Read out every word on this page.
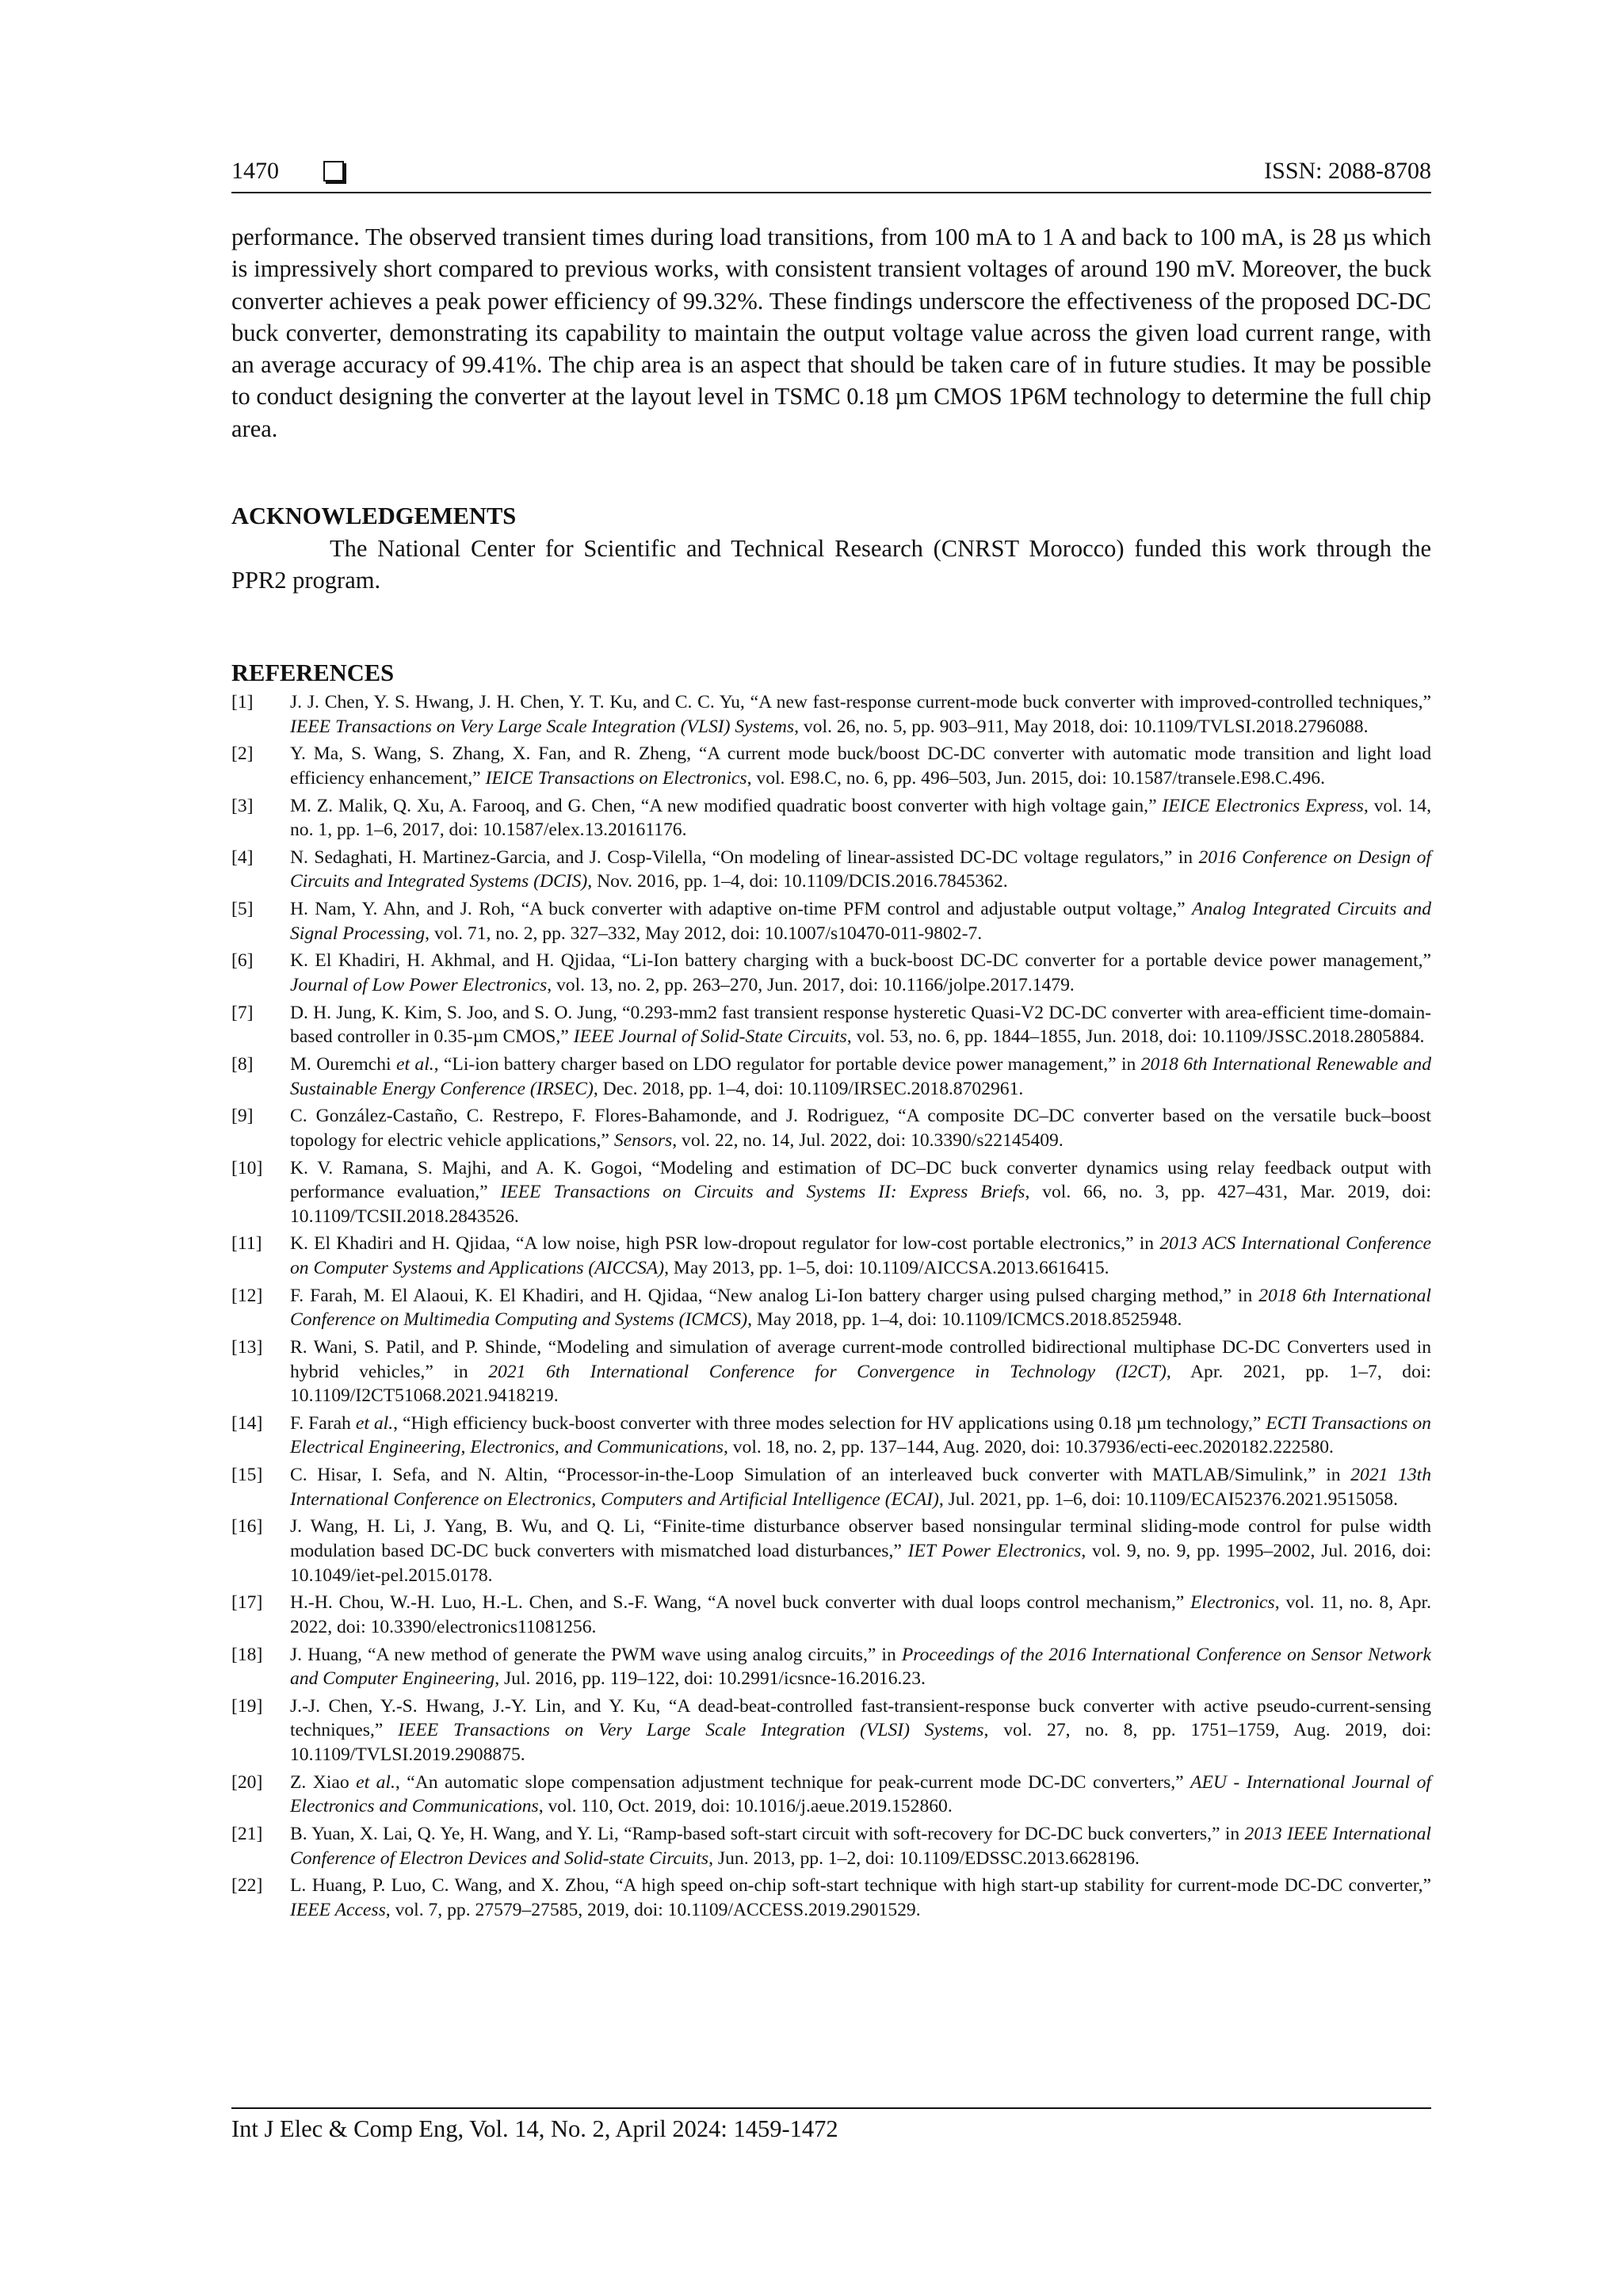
1470	ISSN: 2088-8708
performance. The observed transient times during load transitions, from 100 mA to 1 A and back to 100 mA, is 28 µs which is impressively short compared to previous works, with consistent transient voltages of around 190 mV. Moreover, the buck converter achieves a peak power efficiency of 99.32%. These findings underscore the effectiveness of the proposed DC-DC buck converter, demonstrating its capability to maintain the output voltage value across the given load current range, with an average accuracy of 99.41%. The chip area is an aspect that should be taken care of in future studies. It may be possible to conduct designing the converter at the layout level in TSMC 0.18 µm CMOS 1P6M technology to determine the full chip area.
ACKNOWLEDGEMENTS
The National Center for Scientific and Technical Research (CNRST Morocco) funded this work through the PPR2 program.
REFERENCES
[1] J. J. Chen, Y. S. Hwang, J. H. Chen, Y. T. Ku, and C. C. Yu, “A new fast-response current-mode buck converter with improved-controlled techniques,” IEEE Transactions on Very Large Scale Integration (VLSI) Systems, vol. 26, no. 5, pp. 903–911, May 2018, doi: 10.1109/TVLSI.2018.2796088.
[2] Y. Ma, S. Wang, S. Zhang, X. Fan, and R. Zheng, “A current mode buck/boost DC-DC converter with automatic mode transition and light load efficiency enhancement,” IEICE Transactions on Electronics, vol. E98.C, no. 6, pp. 496–503, Jun. 2015, doi: 10.1587/transele.E98.C.496.
[3] M. Z. Malik, Q. Xu, A. Farooq, and G. Chen, “A new modified quadratic boost converter with high voltage gain,” IEICE Electronics Express, vol. 14, no. 1, pp. 1–6, 2017, doi: 10.1587/elex.13.20161176.
[4] N. Sedaghati, H. Martinez-Garcia, and J. Cosp-Vilella, “On modeling of linear-assisted DC-DC voltage regulators,” in 2016 Conference on Design of Circuits and Integrated Systems (DCIS), Nov. 2016, pp. 1–4, doi: 10.1109/DCIS.2016.7845362.
[5] H. Nam, Y. Ahn, and J. Roh, “A buck converter with adaptive on-time PFM control and adjustable output voltage,” Analog Integrated Circuits and Signal Processing, vol. 71, no. 2, pp. 327–332, May 2012, doi: 10.1007/s10470-011-9802-7.
[6] K. El Khadiri, H. Akhmal, and H. Qjidaa, “Li-Ion battery charging with a buck-boost DC-DC converter for a portable device power management,” Journal of Low Power Electronics, vol. 13, no. 2, pp. 263–270, Jun. 2017, doi: 10.1166/jolpe.2017.1479.
[7] D. H. Jung, K. Kim, S. Joo, and S. O. Jung, “0.293-mm2 fast transient response hysteretic Quasi-V2 DC-DC converter with area-efficient time-domain-based controller in 0.35-µm CMOS,” IEEE Journal of Solid-State Circuits, vol. 53, no. 6, pp. 1844–1855, Jun. 2018, doi: 10.1109/JSSC.2018.2805884.
[8] M. Ouremchi et al., “Li-ion battery charger based on LDO regulator for portable device power management,” in 2018 6th International Renewable and Sustainable Energy Conference (IRSEC), Dec. 2018, pp. 1–4, doi: 10.1109/IRSEC.2018.8702961.
[9] C. González-Castaño, C. Restrepo, F. Flores-Bahamonde, and J. Rodriguez, “A composite DC–DC converter based on the versatile buck–boost topology for electric vehicle applications,” Sensors, vol. 22, no. 14, Jul. 2022, doi: 10.3390/s22145409.
[10] K. V. Ramana, S. Majhi, and A. K. Gogoi, “Modeling and estimation of DC–DC buck converter dynamics using relay feedback output with performance evaluation,” IEEE Transactions on Circuits and Systems II: Express Briefs, vol. 66, no. 3, pp. 427–431, Mar. 2019, doi: 10.1109/TCSII.2018.2843526.
[11] K. El Khadiri and H. Qjidaa, “A low noise, high PSR low-dropout regulator for low-cost portable electronics,” in 2013 ACS International Conference on Computer Systems and Applications (AICCSA), May 2013, pp. 1–5, doi: 10.1109/AICCSA.2013.6616415.
[12] F. Farah, M. El Alaoui, K. El Khadiri, and H. Qjidaa, “New analog Li-Ion battery charger using pulsed charging method,” in 2018 6th International Conference on Multimedia Computing and Systems (ICMCS), May 2018, pp. 1–4, doi: 10.1109/ICMCS.2018.8525948.
[13] R. Wani, S. Patil, and P. Shinde, “Modeling and simulation of average current-mode controlled bidirectional multiphase DC-DC Converters used in hybrid vehicles,” in 2021 6th International Conference for Convergence in Technology (I2CT), Apr. 2021, pp. 1–7, doi: 10.1109/I2CT51068.2021.9418219.
[14] F. Farah et al., “High efficiency buck-boost converter with three modes selection for HV applications using 0.18 µm technology,” ECTI Transactions on Electrical Engineering, Electronics, and Communications, vol. 18, no. 2, pp. 137–144, Aug. 2020, doi: 10.37936/ecti-eec.2020182.222580.
[15] C. Hisar, I. Sefa, and N. Altin, “Processor-in-the-Loop Simulation of an interleaved buck converter with MATLAB/Simulink,” in 2021 13th International Conference on Electronics, Computers and Artificial Intelligence (ECAI), Jul. 2021, pp. 1–6, doi: 10.1109/ECAI52376.2021.9515058.
[16] J. Wang, H. Li, J. Yang, B. Wu, and Q. Li, “Finite-time disturbance observer based nonsingular terminal sliding-mode control for pulse width modulation based DC-DC buck converters with mismatched load disturbances,” IET Power Electronics, vol. 9, no. 9, pp. 1995–2002, Jul. 2016, doi: 10.1049/iet-pel.2015.0178.
[17] H.-H. Chou, W.-H. Luo, H.-L. Chen, and S.-F. Wang, “A novel buck converter with dual loops control mechanism,” Electronics, vol. 11, no. 8, Apr. 2022, doi: 10.3390/electronics11081256.
[18] J. Huang, “A new method of generate the PWM wave using analog circuits,” in Proceedings of the 2016 International Conference on Sensor Network and Computer Engineering, Jul. 2016, pp. 119–122, doi: 10.2991/icsnce-16.2016.23.
[19] J.-J. Chen, Y.-S. Hwang, J.-Y. Lin, and Y. Ku, “A dead-beat-controlled fast-transient-response buck converter with active pseudo-current-sensing techniques,” IEEE Transactions on Very Large Scale Integration (VLSI) Systems, vol. 27, no. 8, pp. 1751–1759, Aug. 2019, doi: 10.1109/TVLSI.2019.2908875.
[20] Z. Xiao et al., “An automatic slope compensation adjustment technique for peak-current mode DC-DC converters,” AEU - International Journal of Electronics and Communications, vol. 110, Oct. 2019, doi: 10.1016/j.aeue.2019.152860.
[21] B. Yuan, X. Lai, Q. Ye, H. Wang, and Y. Li, “Ramp-based soft-start circuit with soft-recovery for DC-DC buck converters,” in 2013 IEEE International Conference of Electron Devices and Solid-state Circuits, Jun. 2013, pp. 1–2, doi: 10.1109/EDSSC.2013.6628196.
[22] L. Huang, P. Luo, C. Wang, and X. Zhou, “A high speed on-chip soft-start technique with high start-up stability for current-mode DC-DC converter,” IEEE Access, vol. 7, pp. 27579–27585, 2019, doi: 10.1109/ACCESS.2019.2901529.
Int J Elec & Comp Eng, Vol. 14, No. 2, April 2024: 1459-1472
